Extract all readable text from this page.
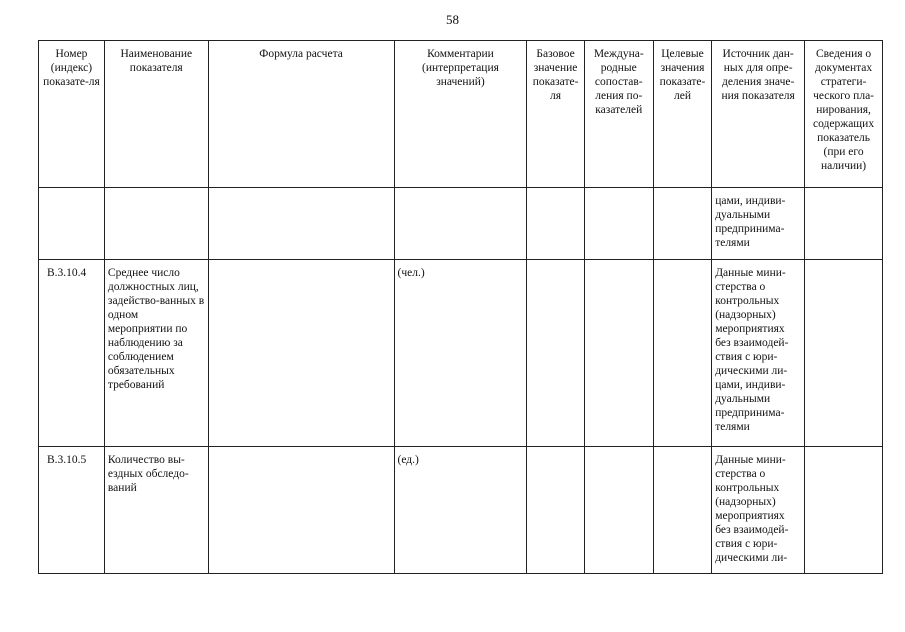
58
Номер (индекс) показате-ля	Наименование показателя	Формула расчета	Комментарии (интерпретация значений)	Базовое значение показате-ля	Междуна-родные сопостав-ления по-казателей	Целевые значения показате-лей	Источник дан-ных для опре-деления значе-ния показателя	Сведения о документах стратеги-ческого пла-нирования, содержащих показатель (при его наличии)
							цами, индиви-дуальными предпринима-телями	
В.3.10.4	Среднее число должностных лиц, задейство-ванных в одном мероприятии по наблюдению за соблюдением обязательных требований		(чел.)				Данные мини-стерства о контрольных (надзорных) мероприятиях без взаимодей-ствия с юри-дическими ли-цами, индиви-дуальными предпринима-телями	
В.3.10.5	Количество вы-ездных обследо-ваний		(ед.)				Данные мини-стерства о контрольных (надзорных) мероприятиях без взаимодей-ствия с юри-дическими ли-	
